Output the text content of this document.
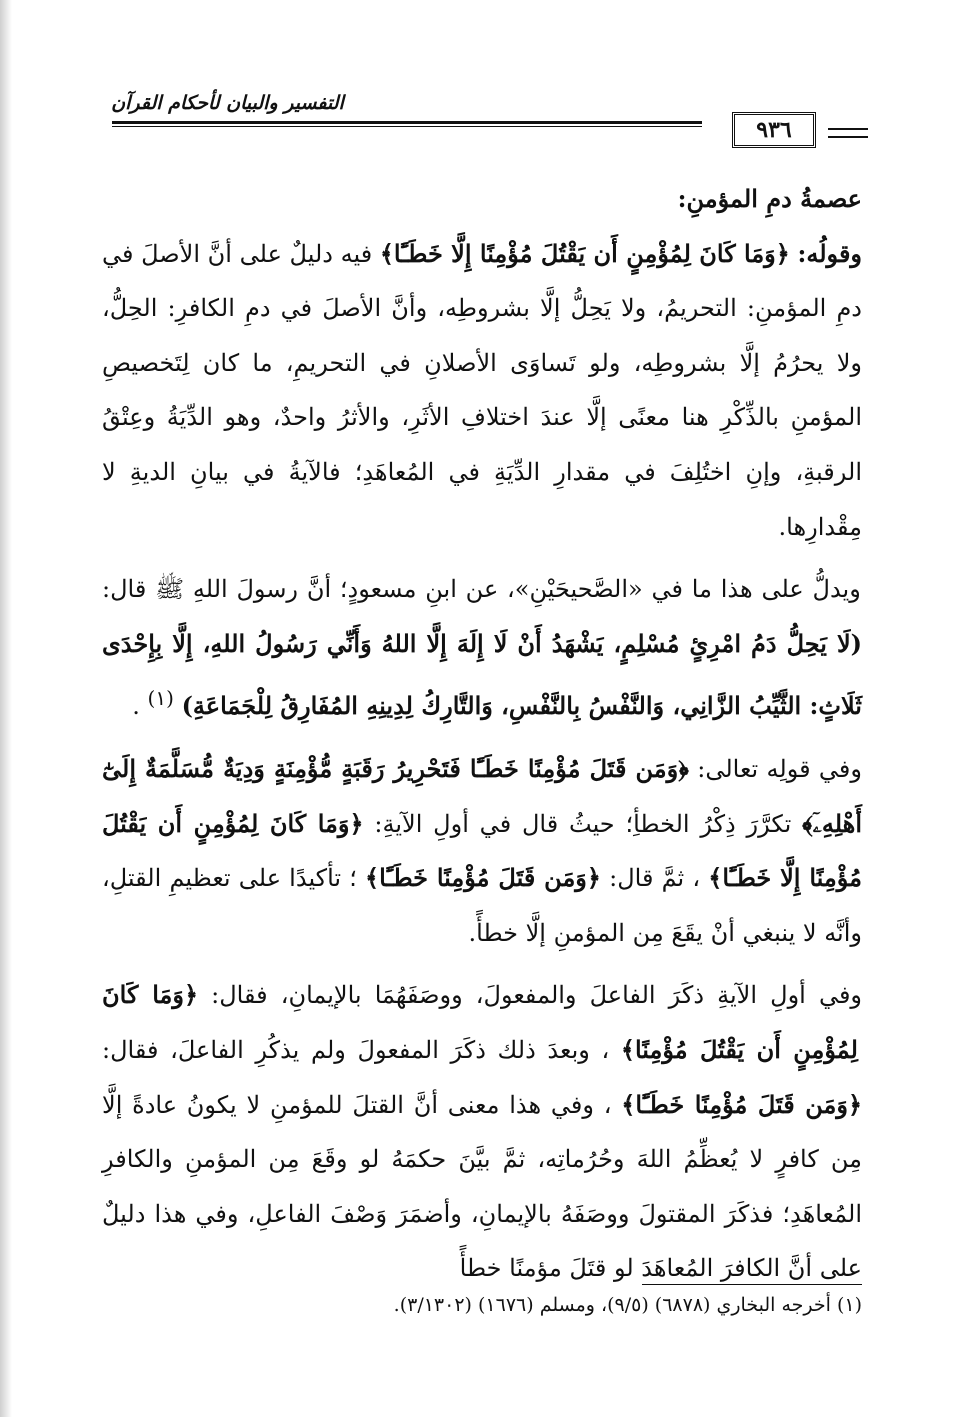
التفسير والبيان لأحكام القرآن
٩٣٦
عصمةُ دمِ المؤمنِ:

وقولُه: ﴿وَمَا كَانَ لِمُؤْمِنٍ أَن يَقْتُلَ مُؤْمِنًا إِلَّا خَطَـًٔا﴾ فيه دليلٌ على أنَّ الأصلَ في دمِ المؤمنِ: التحريمُ، ولا يَحِلُّ إلَّا بشروطِه، وأنَّ الأصلَ في دمِ الكافرِ: الحِلُّ، ولا يحرُمُ إلَّا بشروطِه، ولو تَساوَى الأصلانِ في التحريمِ، ما كان لِتَخصيصِ المؤمنِ بالذِّكْرِ هنا معنًى إلَّا عندَ اختلافِ الأثَرِ، والأثرُ واحدٌ، وهو الدِّيَةُ وعِتْقُ الرقبةِ، وإنِ اختُلِفَ في مقدارِ الدِّيَةِ في المُعاهَدِ؛ فالآيةُ في بيانِ الديةِ لا مِقْدارِها.

ويدلُّ على هذا ما في «الصَّحيحَيْنِ»، عن ابنِ مسعودٍ؛ أنَّ رسولَ اللهِ ﷺ قال: (لَا يَحِلُّ دَمُ امْرِئٍ مُسْلِمٍ، يَشْهَدُ أَنْ لَا إِلَهَ إِلَّا اللهُ وَأَنِّي رَسُولُ اللهِ، إِلَّا بِإِحْدَى ثَلَاثٍ: الثَّيِّبُ الزَّانِي، وَالنَّفْسُ بِالنَّفْسِ، وَالتَّارِكُ لِدِينِهِ المُفَارِقُ لِلْجَمَاعَةِ) $^{(١)}$ .

وفي قولِه تعالى: ﴿وَمَن قَتَلَ مُؤْمِنًا خَطَـًٔا فَتَحْرِيرُ رَقَبَةٍ مُّؤْمِنَةٍ وَدِيَةٌ مُّسَلَّمَةٌ إِلَىٰٓ أَهْلِهِۦٓ﴾ تكرَّرَ ذِكْرُ الخطأِ؛ حيثُ قال في أولِ الآيةِ: ﴿وَمَا كَانَ لِمُؤْمِنٍ أَن يَقْتُلَ مُؤْمِنًا إِلَّا خَطَـًٔا﴾ ، ثمَّ قال: ﴿وَمَن قَتَلَ مُؤْمِنًا خَطَـًٔا﴾ ؛ تأكيدًا على تعظيمِ القتلِ، وأنَّه لا ينبغي أنْ يقَعَ مِن المؤمنِ إلَّا خطأً.

وفي أولِ الآيةِ ذكَرَ الفاعلَ والمفعولَ، ووصَفَهُمَا بالإيمانِ، فقال: ﴿وَمَا كَانَ لِمُؤْمِنٍ أَن يَقْتُلَ مُؤْمِنًا﴾ ، وبعدَ ذلك ذكَرَ المفعولَ ولم يذكُرِ الفاعلَ، فقال: ﴿وَمَن قَتَلَ مُؤْمِنًا خَطَـًٔا﴾ ، وفي هذا معنى أنَّ القتلَ للمؤمنِ لا يكونُ عادةً إلَّا مِن كافرٍ لا يُعظِّمُ اللهَ وحُرُماتِه، ثمَّ بيَّنَ حكمَهُ لو وقَعَ مِن المؤمنِ والكافرِ المُعاهَدِ؛ فذكَرَ المقتولَ ووصَفَهُ بالإيمانِ، وأضمَرَ وَصْفَ الفاعلِ، وفي هذا دليلٌ على أنَّ الكافرَ المُعاهَدَ لو قتَلَ مؤمنًا خطأً

(١) أخرجه البخاري (٦٨٧٨) (٩/٥)، ومسلم (١٦٧٦) (٣/١٣٠٢).
